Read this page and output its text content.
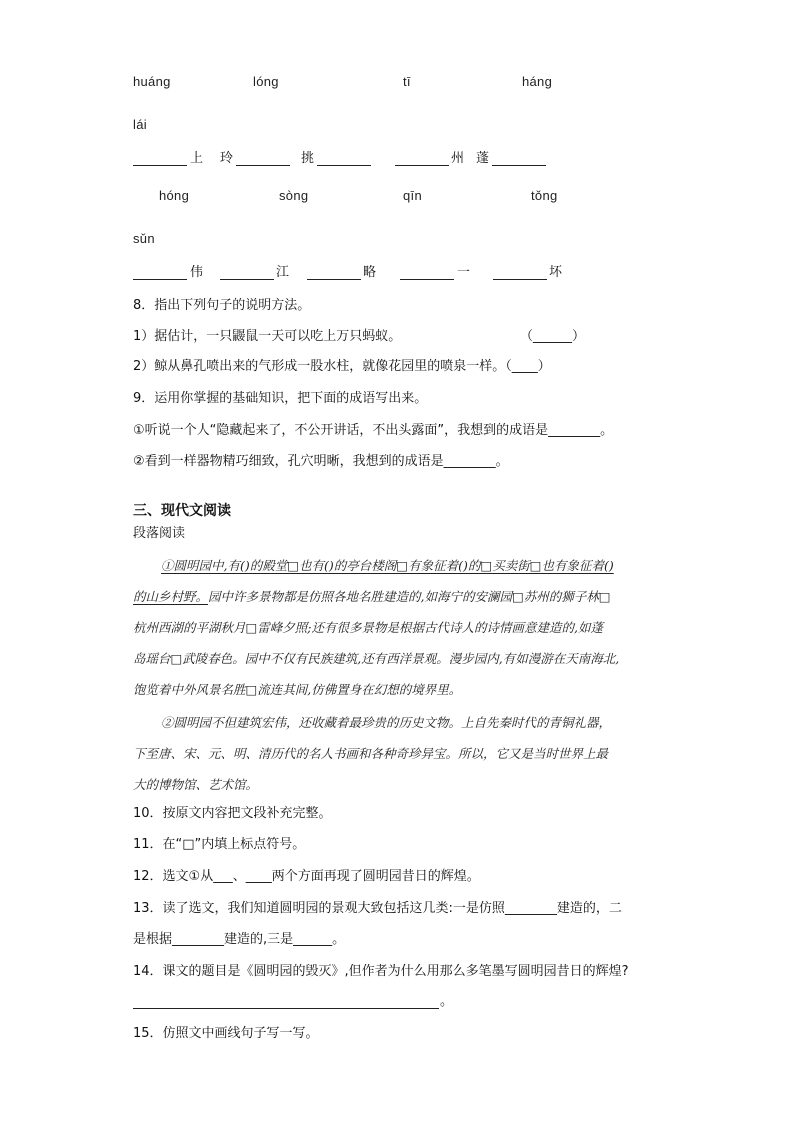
huáng	lóng	tī	háng
lái
上 玲	挑	州 蓬
hóng	sòng	qīn	tǒng
sǔn
伟	江	略	一	坏
8．指出下列句子的说明方法。
1）据估计，一只鼹鼠一天可以吃上万只蚂蚁。	（______）
2）鲸从鼻孔喷出来的气形成一股水柱，就像花园里的喷泉一样。（____）
9．运用你掌握的基础知识，把下面的成语写出来。
①听说一个人“隐藏起来了，不公开讲话，不出头露面”，我想到的成语是________。
②看到一样器物精巧细致，孔穴明晰，我想到的成语是________。
三、现代文阅读
段落阅读
①圆明园中,有()的殿堂□也有()的亭台楼阁□有象征着()的□买卖街□也有象征着()
的山乡村野。园中许多景物都是仿照各地名胜建造的,如海宁的安澜园□苏州的狮子林□
杭州西湖的平湖秋月□雷峰夕照;还有很多景物是根据古代诗人的诗情画意建造的,如蓬
岛瑶台□武陵春色。园中不仅有民族建筑,还有西洋景观。漫步园内,有如漫游在天南海北,
饱览着中外风景名胜□流连其间,仿佛置身在幻想的境界里。
②圆明园不但建筑宏伟，还收藏着最珍贵的历史文物。上自先秦时代的青铜礼器，
下至唐、宋、元、明、清历代的名人书画和各种奇珍异宝。所以，它又是当时世界上最
大的博物馆、艺术馆。
10．按原文内容把文段补充完整。
11．在“□”内填上标点符号。
12．选文①从___、____两个方面再现了圆明园昔日的辉煌。
13．读了选文，我们知道圆明园的景观大致包括这几类:一是仿照________建造的，二
是根据________建造的,三是______。
14．课文的题目是《圆明园的毁灭》,但作者为什么用那么多笔墨写圆明园昔日的辉煌?
。
15．仿照文中画线句子写一写。
